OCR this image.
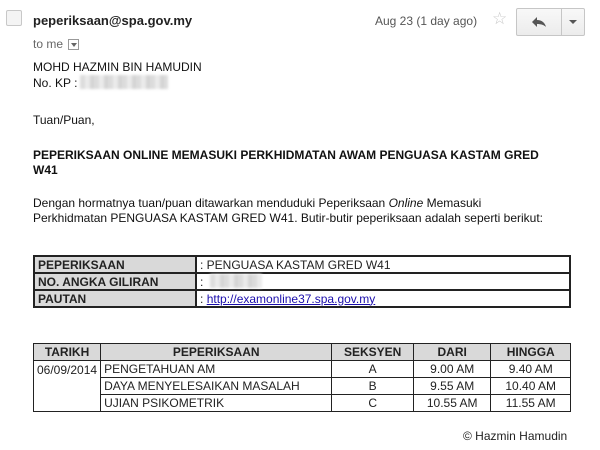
peperiksaan@spa.gov.my	Aug 23 (1 day ago) ☆
to me
MOHD HAZMIN BIN HAMUDIN
No. KP :
Tuan/Puan,
PEPERIKSAAN ONLINE MEMASUKI PERKHIDMATAN AWAM PENGUASA KASTAM GRED W41
Dengan hormatnya tuan/puan ditawarkan menduduki Peperiksaan Online Memasuki Perkhidmatan PENGUASA KASTAM GRED W41. Butir-butir peperiksaan adalah seperti berikut:
PEPERIKSAAN	: PENGUASA KASTAM GRED W41
NO. ANGKA GILIRAN	:
PAUTAN	: http://examonline37.spa.gov.my
TARIKH	PEPERIKSAAN	SEKSYEN	DARI	HINGGA
06/09/2014	PENGETAHUAN AM	A	9.00 AM	9.40 AM
	DAYA MENYELESAIKAN MASALAH	B	9.55 AM	10.40 AM
	UJIAN PSIKOMETRIK	C	10.55 AM	11.55 AM
© Hazmin Hamudin
